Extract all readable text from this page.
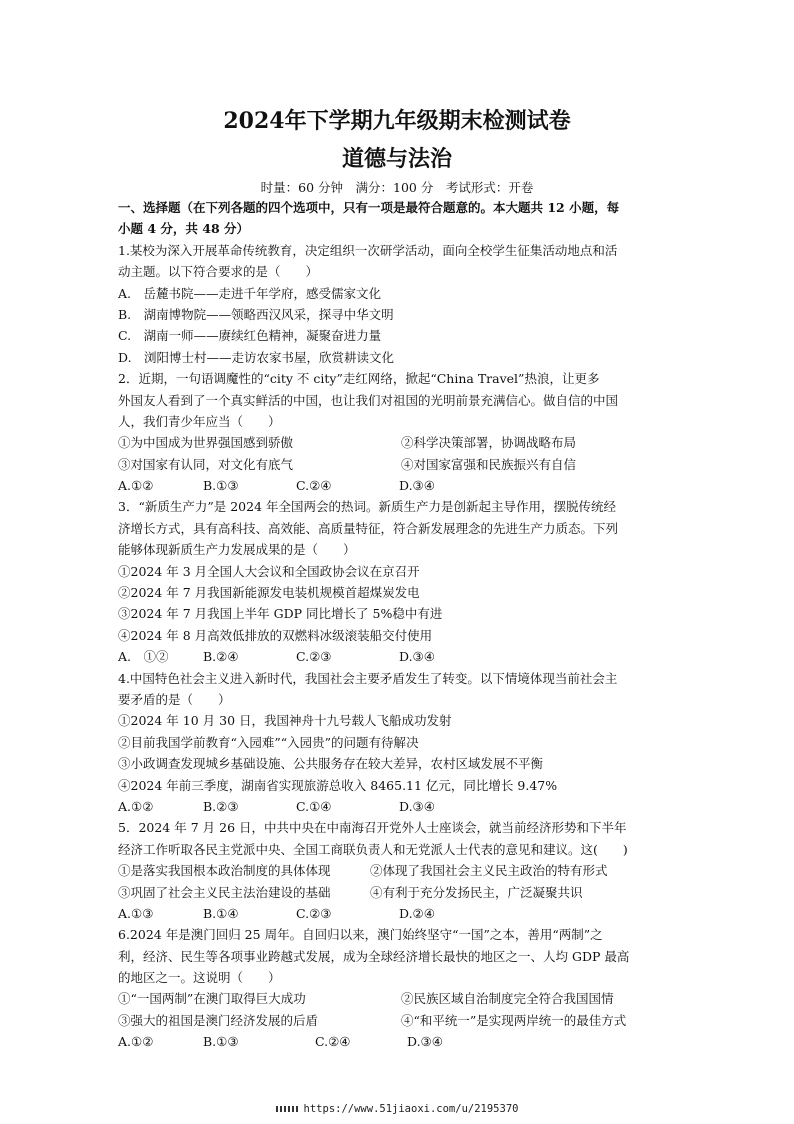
2024年下学期九年级期末检测试卷
道德与法治
时量：60 分钟　满分：100 分　考试形式：开卷
一、选择题（在下列各题的四个选项中，只有一项是最符合题意的。本大题共 12 小题，每
小题 4 分，共 48 分）
1.某校为深入开展革命传统教育，决定组织一次研学活动，面向全校学生征集活动地点和活
动主题。以下符合要求的是（　　）
A.　岳麓书院——走进千年学府，感受儒家文化
B.　湖南博物院——领略西汉风采，探寻中华文明
C.　湖南一师——赓续红色精神，凝聚奋进力量
D.　浏阳博士村——走访农家书屋，欣赏耕读文化
2．近期，一句语调魔性的“city 不 city”走红网络，掀起“China Travel”热浪，让更多
外国友人看到了一个真实鲜活的中国，也让我们对祖国的光明前景充满信心。做自信的中国
人，我们青少年应当（　　）
①为中国成为世界强国感到骄傲	②科学决策部署，协调战略布局
③对国家有认同，对文化有底气	④对国家富强和民族振兴有自信
A.①②	B.①③	C.②④	D.③④
3．“新质生产力”是 2024 年全国两会的热词。新质生产力是创新起主导作用，摆脱传统经
济增长方式，具有高科技、高效能、高质量特征，符合新发展理念的先进生产力质态。下列
能够体现新质生产力发展成果的是（　　）
①2024 年 3 月全国人大会议和全国政协会议在京召开
②2024 年 7 月我国新能源发电装机规模首超煤炭发电
③2024 年 7 月我国上半年 GDP 同比增长了 5%稳中有进
④2024 年 8 月高效低排放的双燃料冰级滚装船交付使用
A.　①②	B.②④	C.②③	D.③④
4.中国特色社会主义进入新时代，我国社会主要矛盾发生了转变。以下情境体现当前社会主
要矛盾的是（　　）
①2024 年 10 月 30 日，我国神舟十九号载人飞船成功发射
②目前我国学前教育“入园难”“入园贵”的问题有待解决
③小政调查发现城乡基础设施、公共服务存在较大差异，农村区域发展不平衡
④2024 年前三季度，湖南省实现旅游总收入 8465.11 亿元，同比增长 9.47%
A.①②	B.②③	C.①④	D.③④
5．2024 年 7 月 26 日，中共中央在中南海召开党外人士座谈会，就当前经济形势和下半年
经济工作听取各民主党派中央、全国工商联负责人和无党派人士代表的意见和建议。这(　　)
①是落实我国根本政治制度的具体体现	②体现了我国社会主义民主政治的特有形式
③巩固了社会主义民主法治建设的基础	④有利于充分发扬民主，广泛凝聚共识
A.①③	B.①④	C.②③	D.②④
6.2024 年是澳门回归 25 周年。自回归以来，澳门始终坚守“一国”之本，善用“两制”之
利，经济、民生等各项事业跨越式发展，成为全球经济增长最快的地区之一、人均 GDP 最高
的地区之一。这说明（　　）
①“一国两制”在澳门取得巨大成功	②民族区域自治制度完全符合我国国情
③强大的祖国是澳门经济发展的后盾	④“和平统一”是实现两岸统一的最佳方式
A.①②	B.①③	C.②④	D.③④
https://www.51jiaoxi.com/u/2195370
